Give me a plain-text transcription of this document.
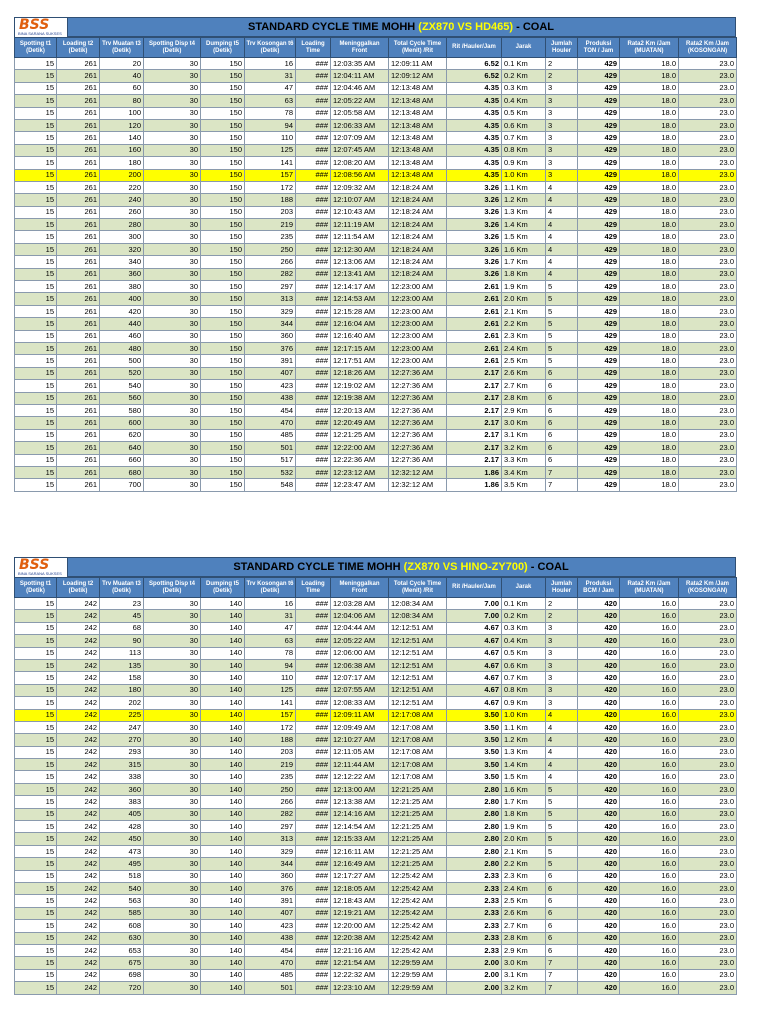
BSS
BINA SARANA SUKSES
STANDARD CYCLE TIME MOHH (ZX870 VS HD465) - COAL
Spotting t1 (Detik)	Loading t2 (Detik)	Trv Muatan t3 (Detik)	Spotting Disp t4 (Detik)	Dumping t5 (Detik)	Trv Kosongan t6 (Detik)	Loading Time	Meninggalkan Front	Total Cycle Time (Menit) /Rit	Rit /Hauler/Jam	Jarak	Jumlah Houler	Produksi TON / Jam	Rata2 Km /Jam (MUATAN)	Rata2 Km /Jam (KOSONGAN)
15	261	20	30	150	16	###	12:03:35 AM	12:09:11 AM	6.52	0.1 Km	2	429	18.0	23.0
15	261	40	30	150	31	###	12:04:11 AM	12:09:12 AM	6.52	0.2 Km	2	429	18.0	23.0
15	261	60	30	150	47	###	12:04:46 AM	12:13:48 AM	4.35	0.3 Km	3	429	18.0	23.0
15	261	80	30	150	63	###	12:05:22 AM	12:13:48 AM	4.35	0.4 Km	3	429	18.0	23.0
15	261	100	30	150	78	###	12:05:58 AM	12:13:48 AM	4.35	0.5 Km	3	429	18.0	23.0
15	261	120	30	150	94	###	12:06:33 AM	12:13:48 AM	4.35	0.6 Km	3	429	18.0	23.0
15	261	140	30	150	110	###	12:07:09 AM	12:13:48 AM	4.35	0.7 Km	3	429	18.0	23.0
15	261	160	30	150	125	###	12:07:45 AM	12:13:48 AM	4.35	0.8 Km	3	429	18.0	23.0
15	261	180	30	150	141	###	12:08:20 AM	12:13:48 AM	4.35	0.9 Km	3	429	18.0	23.0
15	261	200	30	150	157	###	12:08:56 AM	12:13:48 AM	4.35	1.0 Km	3	429	18.0	23.0
15	261	220	30	150	172	###	12:09:32 AM	12:18:24 AM	3.26	1.1 Km	4	429	18.0	23.0
15	261	240	30	150	188	###	12:10:07 AM	12:18:24 AM	3.26	1.2 Km	4	429	18.0	23.0
15	261	260	30	150	203	###	12:10:43 AM	12:18:24 AM	3.26	1.3 Km	4	429	18.0	23.0
15	261	280	30	150	219	###	12:11:19 AM	12:18:24 AM	3.26	1.4 Km	4	429	18.0	23.0
15	261	300	30	150	235	###	12:11:54 AM	12:18:24 AM	3.26	1.5 Km	4	429	18.0	23.0
15	261	320	30	150	250	###	12:12:30 AM	12:18:24 AM	3.26	1.6 Km	4	429	18.0	23.0
15	261	340	30	150	266	###	12:13:06 AM	12:18:24 AM	3.26	1.7 Km	4	429	18.0	23.0
15	261	360	30	150	282	###	12:13:41 AM	12:18:24 AM	3.26	1.8 Km	4	429	18.0	23.0
15	261	380	30	150	297	###	12:14:17 AM	12:23:00 AM	2.61	1.9 Km	5	429	18.0	23.0
15	261	400	30	150	313	###	12:14:53 AM	12:23:00 AM	2.61	2.0 Km	5	429	18.0	23.0
15	261	420	30	150	329	###	12:15:28 AM	12:23:00 AM	2.61	2.1 Km	5	429	18.0	23.0
15	261	440	30	150	344	###	12:16:04 AM	12:23:00 AM	2.61	2.2 Km	5	429	18.0	23.0
15	261	460	30	150	360	###	12:16:40 AM	12:23:00 AM	2.61	2.3 Km	5	429	18.0	23.0
15	261	480	30	150	376	###	12:17:15 AM	12:23:00 AM	2.61	2.4 Km	5	429	18.0	23.0
15	261	500	30	150	391	###	12:17:51 AM	12:23:00 AM	2.61	2.5 Km	5	429	18.0	23.0
15	261	520	30	150	407	###	12:18:26 AM	12:27:36 AM	2.17	2.6 Km	6	429	18.0	23.0
15	261	540	30	150	423	###	12:19:02 AM	12:27:36 AM	2.17	2.7 Km	6	429	18.0	23.0
15	261	560	30	150	438	###	12:19:38 AM	12:27:36 AM	2.17	2.8 Km	6	429	18.0	23.0
15	261	580	30	150	454	###	12:20:13 AM	12:27:36 AM	2.17	2.9 Km	6	429	18.0	23.0
15	261	600	30	150	470	###	12:20:49 AM	12:27:36 AM	2.17	3.0 Km	6	429	18.0	23.0
15	261	620	30	150	485	###	12:21:25 AM	12:27:36 AM	2.17	3.1 Km	6	429	18.0	23.0
15	261	640	30	150	501	###	12:22:00 AM	12:27:36 AM	2.17	3.2 Km	6	429	18.0	23.0
15	261	660	30	150	517	###	12:22:36 AM	12:27:36 AM	2.17	3.3 Km	6	429	18.0	23.0
15	261	680	30	150	532	###	12:23:12 AM	12:32:12 AM	1.86	3.4 Km	7	429	18.0	23.0
15	261	700	30	150	548	###	12:23:47 AM	12:32:12 AM	1.86	3.5 Km	7	429	18.0	23.0
BSS
BINA SARANA SUKSES
STANDARD CYCLE TIME MOHH (ZX870 VS HINO-ZY700) - COAL
Spotting t1 (Detik)	Loading t2 (Detik)	Trv Muatan t3 (Detik)	Spotting Disp t4 (Detik)	Dumping t5 (Detik)	Trv Kosongan t6 (Detik)	Loading Time	Meninggalkan Front	Total Cycle Time (Menit) /Rit	Rit /Hauler/Jam	Jarak	Jumlah Houler	Produksi BCM / Jam	Rata2 Km /Jam (MUATAN)	Rata2 Km /Jam (KOSONGAN)
15	242	23	30	140	16	###	12:03:28 AM	12:08:34 AM	7.00	0.1 Km	2	420	16.0	23.0
15	242	45	30	140	31	###	12:04:06 AM	12:08:34 AM	7.00	0.2 Km	2	420	16.0	23.0
15	242	68	30	140	47	###	12:04:44 AM	12:12:51 AM	4.67	0.3 Km	3	420	16.0	23.0
15	242	90	30	140	63	###	12:05:22 AM	12:12:51 AM	4.67	0.4 Km	3	420	16.0	23.0
15	242	113	30	140	78	###	12:06:00 AM	12:12:51 AM	4.67	0.5 Km	3	420	16.0	23.0
15	242	135	30	140	94	###	12:06:38 AM	12:12:51 AM	4.67	0.6 Km	3	420	16.0	23.0
15	242	158	30	140	110	###	12:07:17 AM	12:12:51 AM	4.67	0.7 Km	3	420	16.0	23.0
15	242	180	30	140	125	###	12:07:55 AM	12:12:51 AM	4.67	0.8 Km	3	420	16.0	23.0
15	242	202	30	140	141	###	12:08:33 AM	12:12:51 AM	4.67	0.9 Km	3	420	16.0	23.0
15	242	225	30	140	157	###	12:09:11 AM	12:17:08 AM	3.50	1.0 Km	4	420	16.0	23.0
15	242	247	30	140	172	###	12:09:49 AM	12:17:08 AM	3.50	1.1 Km	4	420	16.0	23.0
15	242	270	30	140	188	###	12:10:27 AM	12:17:08 AM	3.50	1.2 Km	4	420	16.0	23.0
15	242	293	30	140	203	###	12:11:05 AM	12:17:08 AM	3.50	1.3 Km	4	420	16.0	23.0
15	242	315	30	140	219	###	12:11:44 AM	12:17:08 AM	3.50	1.4 Km	4	420	16.0	23.0
15	242	338	30	140	235	###	12:12:22 AM	12:17:08 AM	3.50	1.5 Km	4	420	16.0	23.0
15	242	360	30	140	250	###	12:13:00 AM	12:21:25 AM	2.80	1.6 Km	5	420	16.0	23.0
15	242	383	30	140	266	###	12:13:38 AM	12:21:25 AM	2.80	1.7 Km	5	420	16.0	23.0
15	242	405	30	140	282	###	12:14:16 AM	12:21:25 AM	2.80	1.8 Km	5	420	16.0	23.0
15	242	428	30	140	297	###	12:14:54 AM	12:21:25 AM	2.80	1.9 Km	5	420	16.0	23.0
15	242	450	30	140	313	###	12:15:33 AM	12:21:25 AM	2.80	2.0 Km	5	420	16.0	23.0
15	242	473	30	140	329	###	12:16:11 AM	12:21:25 AM	2.80	2.1 Km	5	420	16.0	23.0
15	242	495	30	140	344	###	12:16:49 AM	12:21:25 AM	2.80	2.2 Km	5	420	16.0	23.0
15	242	518	30	140	360	###	12:17:27 AM	12:25:42 AM	2.33	2.3 Km	6	420	16.0	23.0
15	242	540	30	140	376	###	12:18:05 AM	12:25:42 AM	2.33	2.4 Km	6	420	16.0	23.0
15	242	563	30	140	391	###	12:18:43 AM	12:25:42 AM	2.33	2.5 Km	6	420	16.0	23.0
15	242	585	30	140	407	###	12:19:21 AM	12:25:42 AM	2.33	2.6 Km	6	420	16.0	23.0
15	242	608	30	140	423	###	12:20:00 AM	12:25:42 AM	2.33	2.7 Km	6	420	16.0	23.0
15	242	630	30	140	438	###	12:20:38 AM	12:25:42 AM	2.33	2.8 Km	6	420	16.0	23.0
15	242	653	30	140	454	###	12:21:16 AM	12:25:42 AM	2.33	2.9 Km	6	420	16.0	23.0
15	242	675	30	140	470	###	12:21:54 AM	12:29:59 AM	2.00	3.0 Km	7	420	16.0	23.0
15	242	698	30	140	485	###	12:22:32 AM	12:29:59 AM	2.00	3.1 Km	7	420	16.0	23.0
15	242	720	30	140	501	###	12:23:10 AM	12:29:59 AM	2.00	3.2 Km	7	420	16.0	23.0
